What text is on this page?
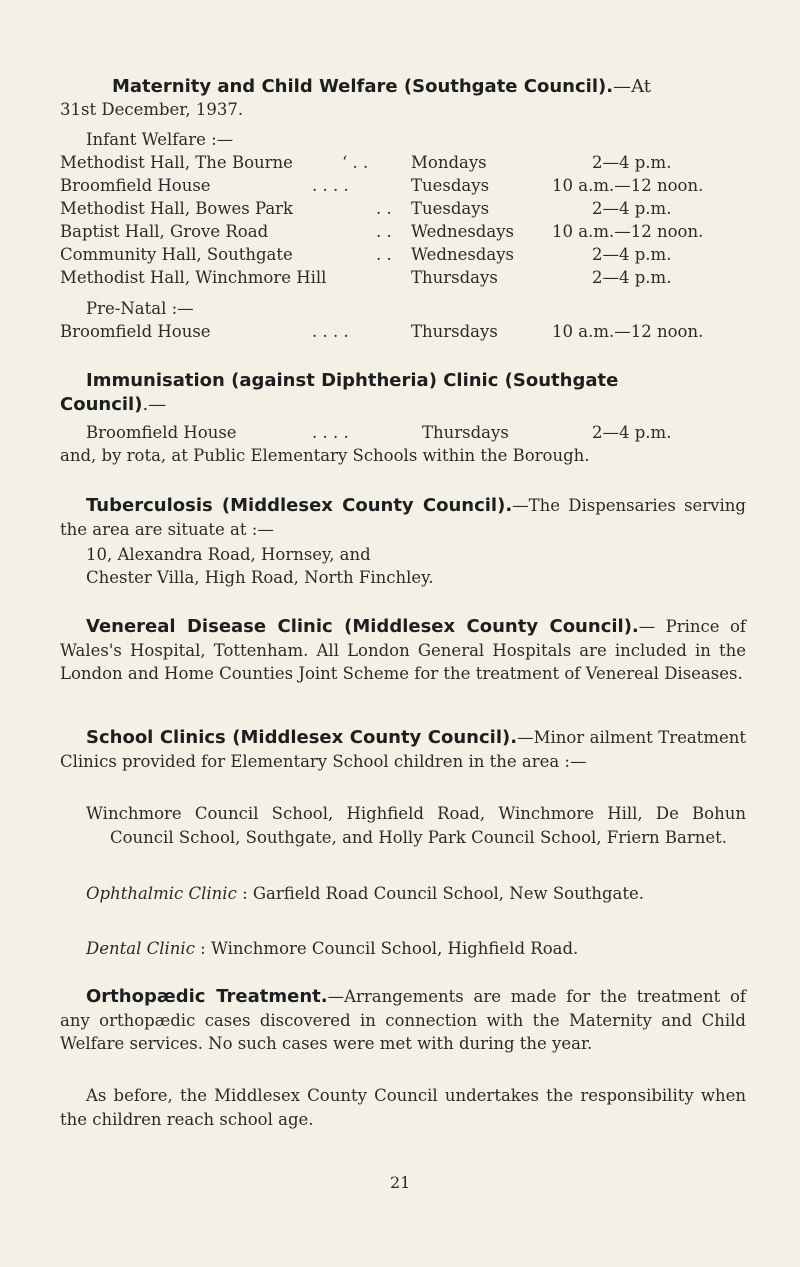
Maternity and Child Welfare (Southgate Council).—At
31st December, 1937.
Infant Welfare :—
Methodist Hall, The Bourne	‘ . .	Mondays	2—4 p.m.
Broomfield House	. . . .	Tuesdays	10 a.m.—12 noon.
Methodist Hall, Bowes Park	. . Tuesdays	2—4 p.m.
Baptist Hall, Grove Road	. . Wednesdays 10 a.m.—12 noon.
Community Hall, Southgate	. . Wednesdays	2—4 p.m.
Methodist Hall, Winchmore Hill	Thursdays	2—4 p.m.
Pre-Natal :—
Broomfield House	. . . .	Thursdays	10 a.m.—12 noon.
Immunisation (against Diphtheria) Clinic (Southgate
Council).—
Broomfield House	. . . .	Thursdays	2—4 p.m.
and, by rota, at Public Elementary Schools within the Borough.
Tuberculosis (Middlesex County Council).—The Dispensaries serving the area are situate at :—
10, Alexandra Road, Hornsey, and
Chester Villa, High Road, North Finchley.
Venereal Disease Clinic (Middlesex County Council).— Prince of Wales's Hospital, Tottenham. All London General Hospitals are included in the London and Home Counties Joint Scheme for the treatment of Venereal Diseases.
School Clinics (Middlesex County Council).—Minor ailment Treatment Clinics provided for Elementary School children in the area :—
Winchmore Council School, Highfield Road, Winchmore Hill, De Bohun Council School, Southgate, and Holly Park Council School, Friern Barnet.
Ophthalmic Clinic : Garfield Road Council School, New Southgate.
Dental Clinic : Winchmore Council School, Highfield Road.
Orthopædic Treatment.—Arrangements are made for the treatment of any orthopædic cases discovered in connection with the Maternity and Child Welfare services. No such cases were met with during the year.
As before, the Middlesex County Council undertakes the responsibility when the children reach school age.
21
